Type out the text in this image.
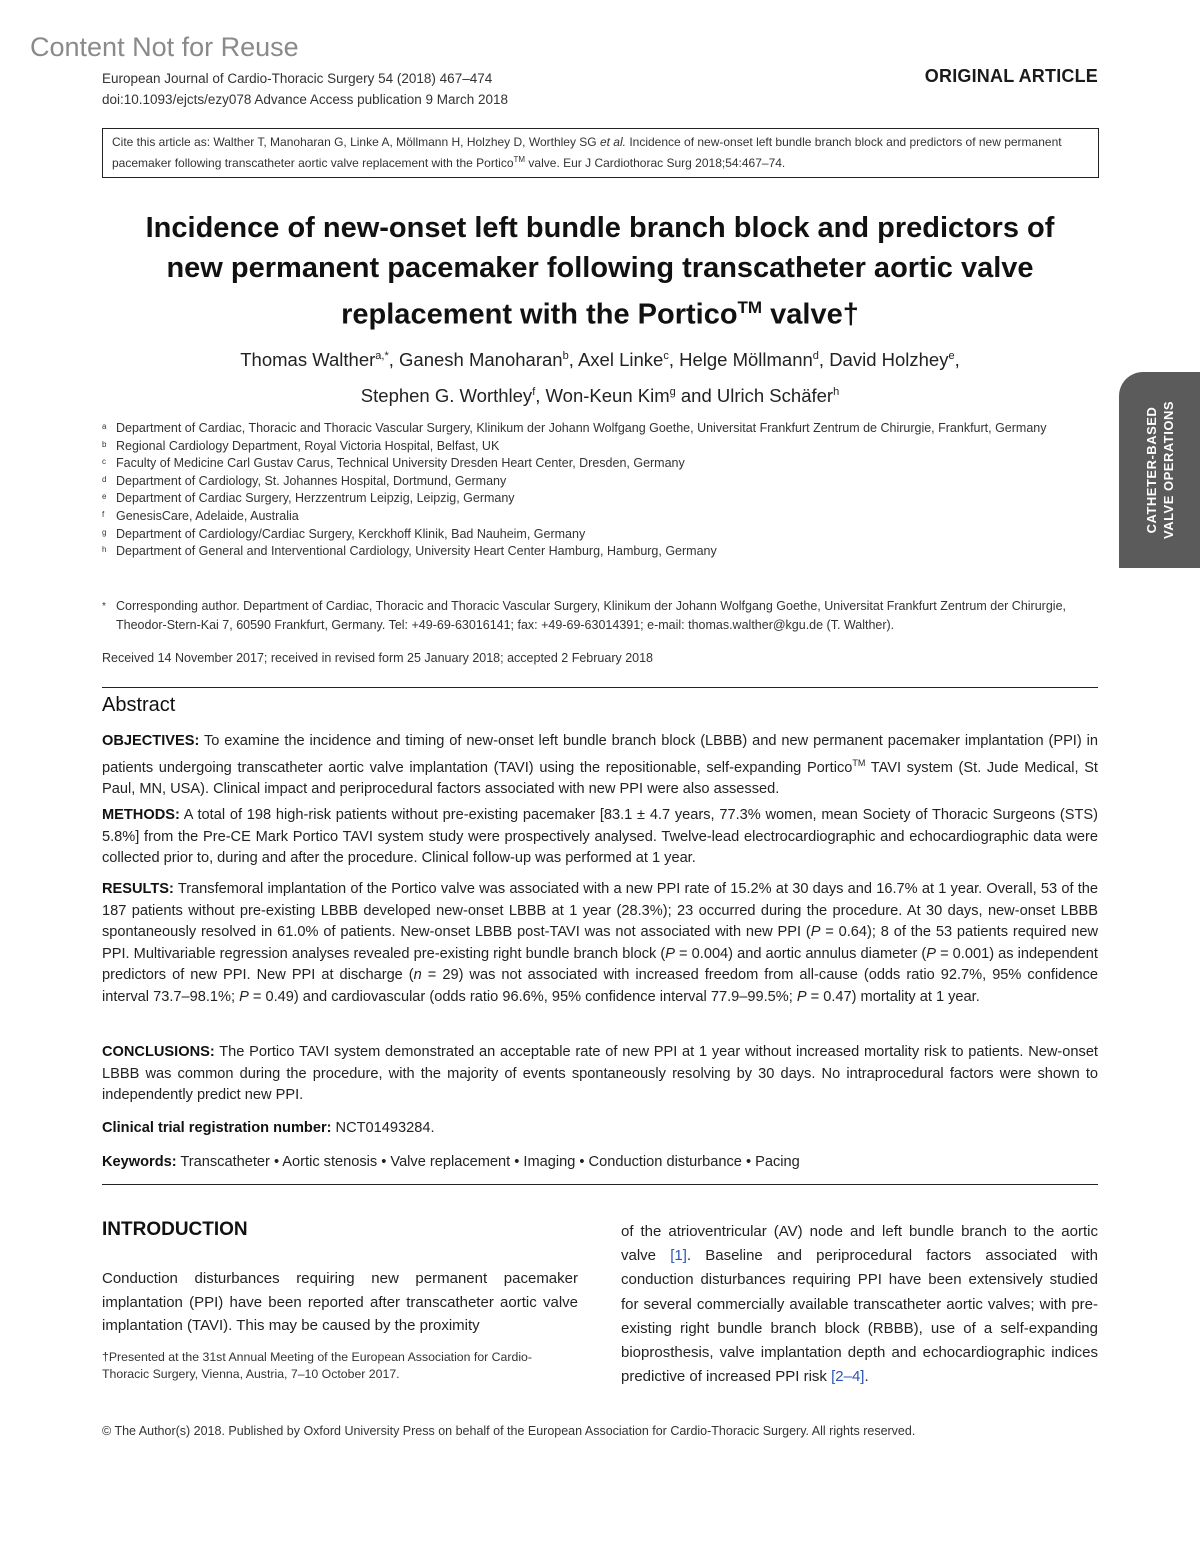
Content Not for Reuse
European Journal of Cardio-Thoracic Surgery 54 (2018) 467–474
doi:10.1093/ejcts/ezy078 Advance Access publication 9 March 2018
ORIGINAL ARTICLE
CATHETER-BASED VALVE OPERATIONS
Cite this article as: Walther T, Manoharan G, Linke A, Möllmann H, Holzhey D, Worthley SG et al. Incidence of new-onset left bundle branch block and predictors of new permanent pacemaker following transcatheter aortic valve replacement with the Portico™ valve. Eur J Cardiothorac Surg 2018;54:467–74.
Incidence of new-onset left bundle branch block and predictors of
new permanent pacemaker following transcatheter aortic valve
replacement with the Portico™ valve†
Thomas Walther$^{a,*}$, Ganesh Manoharan$^b$, Axel Linke$^c$, Helge Möllmann$^d$, David Holzhey$^e$,
Stephen G. Worthley$^f$, Won-Keun Kim$^g$ and Ulrich Schäfer$^h$
a Department of Cardiac, Thoracic and Thoracic Vascular Surgery, Klinikum der Johann Wolfgang Goethe, Universitat Frankfurt Zentrum de Chirurgie, Frankfurt, Germany
b Regional Cardiology Department, Royal Victoria Hospital, Belfast, UK
c Faculty of Medicine Carl Gustav Carus, Technical University Dresden Heart Center, Dresden, Germany
d Department of Cardiology, St. Johannes Hospital, Dortmund, Germany
e Department of Cardiac Surgery, Herzzentrum Leipzig, Leipzig, Germany
f GenesisCare, Adelaide, Australia
g Department of Cardiology/Cardiac Surgery, Kerckhoff Klinik, Bad Nauheim, Germany
h Department of General and Interventional Cardiology, University Heart Center Hamburg, Hamburg, Germany
* Corresponding author. Department of Cardiac, Thoracic and Thoracic Vascular Surgery, Klinikum der Johann Wolfgang Goethe, Universitat Frankfurt Zentrum der Chirurgie, Theodor-Stern-Kai 7, 60590 Frankfurt, Germany. Tel: +49-69-63016141; fax: +49-69-63014391; e-mail: thomas.walther@kgu.de (T. Walther).
Received 14 November 2017; received in revised form 25 January 2018; accepted 2 February 2018
Abstract
OBJECTIVES: To examine the incidence and timing of new-onset left bundle branch block (LBBB) and new permanent pacemaker implantation (PPI) in patients undergoing transcatheter aortic valve implantation (TAVI) using the repositionable, self-expanding Portico™ TAVI system (St. Jude Medical, St Paul, MN, USA). Clinical impact and periprocedural factors associated with new PPI were also assessed.
METHODS: A total of 198 high-risk patients without pre-existing pacemaker [83.1 ± 4.7 years, 77.3% women, mean Society of Thoracic Surgeons (STS) 5.8%] from the Pre-CE Mark Portico TAVI system study were prospectively analysed. Twelve-lead electrocardiographic and echocardiographic data were collected prior to, during and after the procedure. Clinical follow-up was performed at 1 year.
RESULTS: Transfemoral implantation of the Portico valve was associated with a new PPI rate of 15.2% at 30 days and 16.7% at 1 year. Overall, 53 of the 187 patients without pre-existing LBBB developed new-onset LBBB at 1 year (28.3%); 23 occurred during the procedure. At 30 days, new-onset LBBB spontaneously resolved in 61.0% of patients. New-onset LBBB post-TAVI was not associated with new PPI (P = 0.64); 8 of the 53 patients required new PPI. Multivariable regression analyses revealed pre-existing right bundle branch block (P = 0.004) and aortic annulus diameter (P = 0.001) as independent predictors of new PPI. New PPI at discharge (n = 29) was not associated with increased freedom from all-cause (odds ratio 92.7%, 95% confidence interval 73.7–98.1%; P = 0.49) and cardiovascular (odds ratio 96.6%, 95% confidence interval 77.9–99.5%; P = 0.47) mortality at 1 year.
CONCLUSIONS: The Portico TAVI system demonstrated an acceptable rate of new PPI at 1 year without increased mortality risk to patients. New-onset LBBB was common during the procedure, with the majority of events spontaneously resolving by 30 days. No intraprocedural factors were shown to independently predict new PPI.
Clinical trial registration number: NCT01493284.
Keywords: Transcatheter • Aortic stenosis • Valve replacement • Imaging • Conduction disturbance • Pacing
INTRODUCTION
Conduction disturbances requiring new permanent pacemaker implantation (PPI) have been reported after transcatheter aortic valve implantation (TAVI). This may be caused by the proximity
†Presented at the 31st Annual Meeting of the European Association for Cardio-Thoracic Surgery, Vienna, Austria, 7–10 October 2017.
of the atrioventricular (AV) node and left bundle branch to the aortic valve [1]. Baseline and periprocedural factors associated with conduction disturbances requiring PPI have been extensively studied for several commercially available transcatheter aortic valves; with pre-existing right bundle branch block (RBBB), use of a self-expanding bioprosthesis, valve implantation depth and echocardiographic indices predictive of increased PPI risk [2–4].
© The Author(s) 2018. Published by Oxford University Press on behalf of the European Association for Cardio-Thoracic Surgery. All rights reserved.
